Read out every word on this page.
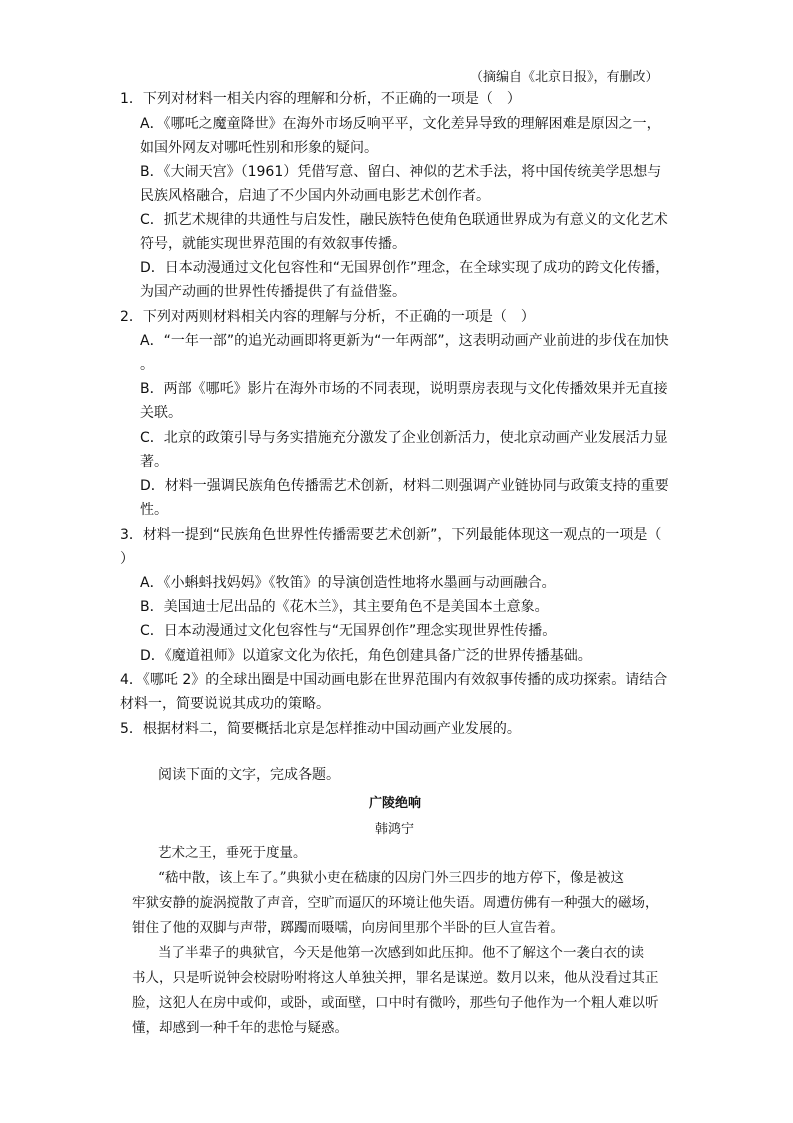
（摘编自《北京日报》，有删改）
1．下列对材料一相关内容的理解和分析，不正确的一项是（　）
A．《哪吒之魔童降世》在海外市场反响平平，文化差异导致的理解困难是原因之一，
如国外网友对哪吒性别和形象的疑问。
B．《大闹天宫》（1961）凭借写意、留白、神似的艺术手法，将中国传统美学思想与
民族风格融合，启迪了不少国内外动画电影艺术创作者。
C．抓艺术规律的共通性与启发性，融民族特色使角色联通世界成为有意义的文化艺术
符号，就能实现世界范围的有效叙事传播。
D．日本动漫通过文化包容性和“无国界创作”理念，在全球实现了成功的跨文化传播，
为国产动画的世界性传播提供了有益借鉴。
2．下列对两则材料相关内容的理解与分析，不正确的一项是（　）
A．“一年一部”的追光动画即将更新为“一年两部”，这表明动画产业前进的步伐在加快
。
B．两部《哪吒》影片在海外市场的不同表现，说明票房表现与文化传播效果并无直接
关联。
C．北京的政策引导与务实措施充分激发了企业创新活力，使北京动画产业发展活力显
著。
D．材料一强调民族角色传播需艺术创新，材料二则强调产业链协同与政策支持的重要
性。
3．材料一提到“民族角色世界性传播需要艺术创新”，下列最能体现这一观点的一项是（
）
A．《小蝌蚪找妈妈》《牧笛》的导演创造性地将水墨画与动画融合。
B．美国迪士尼出品的《花木兰》，其主要角色不是美国本土意象。
C．日本动漫通过文化包容性与“无国界创作”理念实现世界性传播。
D．《魔道祖师》以道家文化为依托，角色创建具备广泛的世界传播基础。
4．《哪吒 2》的全球出圈是中国动画电影在世界范围内有效叙事传播的成功探索。请结合
材料一，简要说说其成功的策略。
5．根据材料二，简要概括北京是怎样推动中国动画产业发展的。
阅读下面的文字，完成各题。
广陵绝响
韩鸿宁
艺术之王，垂死于度量。
“嵇中散，该上车了。”典狱小吏在嵇康的囚房门外三四步的地方停下，像是被这
牢狱安静的旋涡搅散了声音，空旷而逼仄的环境让他失语。周遭仿佛有一种强大的磁场，
钳住了他的双脚与声带，踯躅而嗫嚅，向房间里那个半卧的巨人宣告着。
当了半辈子的典狱官，今天是他第一次感到如此压抑。他不了解这个一袭白衣的读
书人，只是听说钟会校尉吩咐将这人单独关押，罪名是谋逆。数月以来，他从没看过其正
脸，这犯人在房中或仰，或卧，或面壁，口中时有微吟，那些句子他作为一个粗人难以听
懂，却感到一种千年的悲怆与疑惑。
